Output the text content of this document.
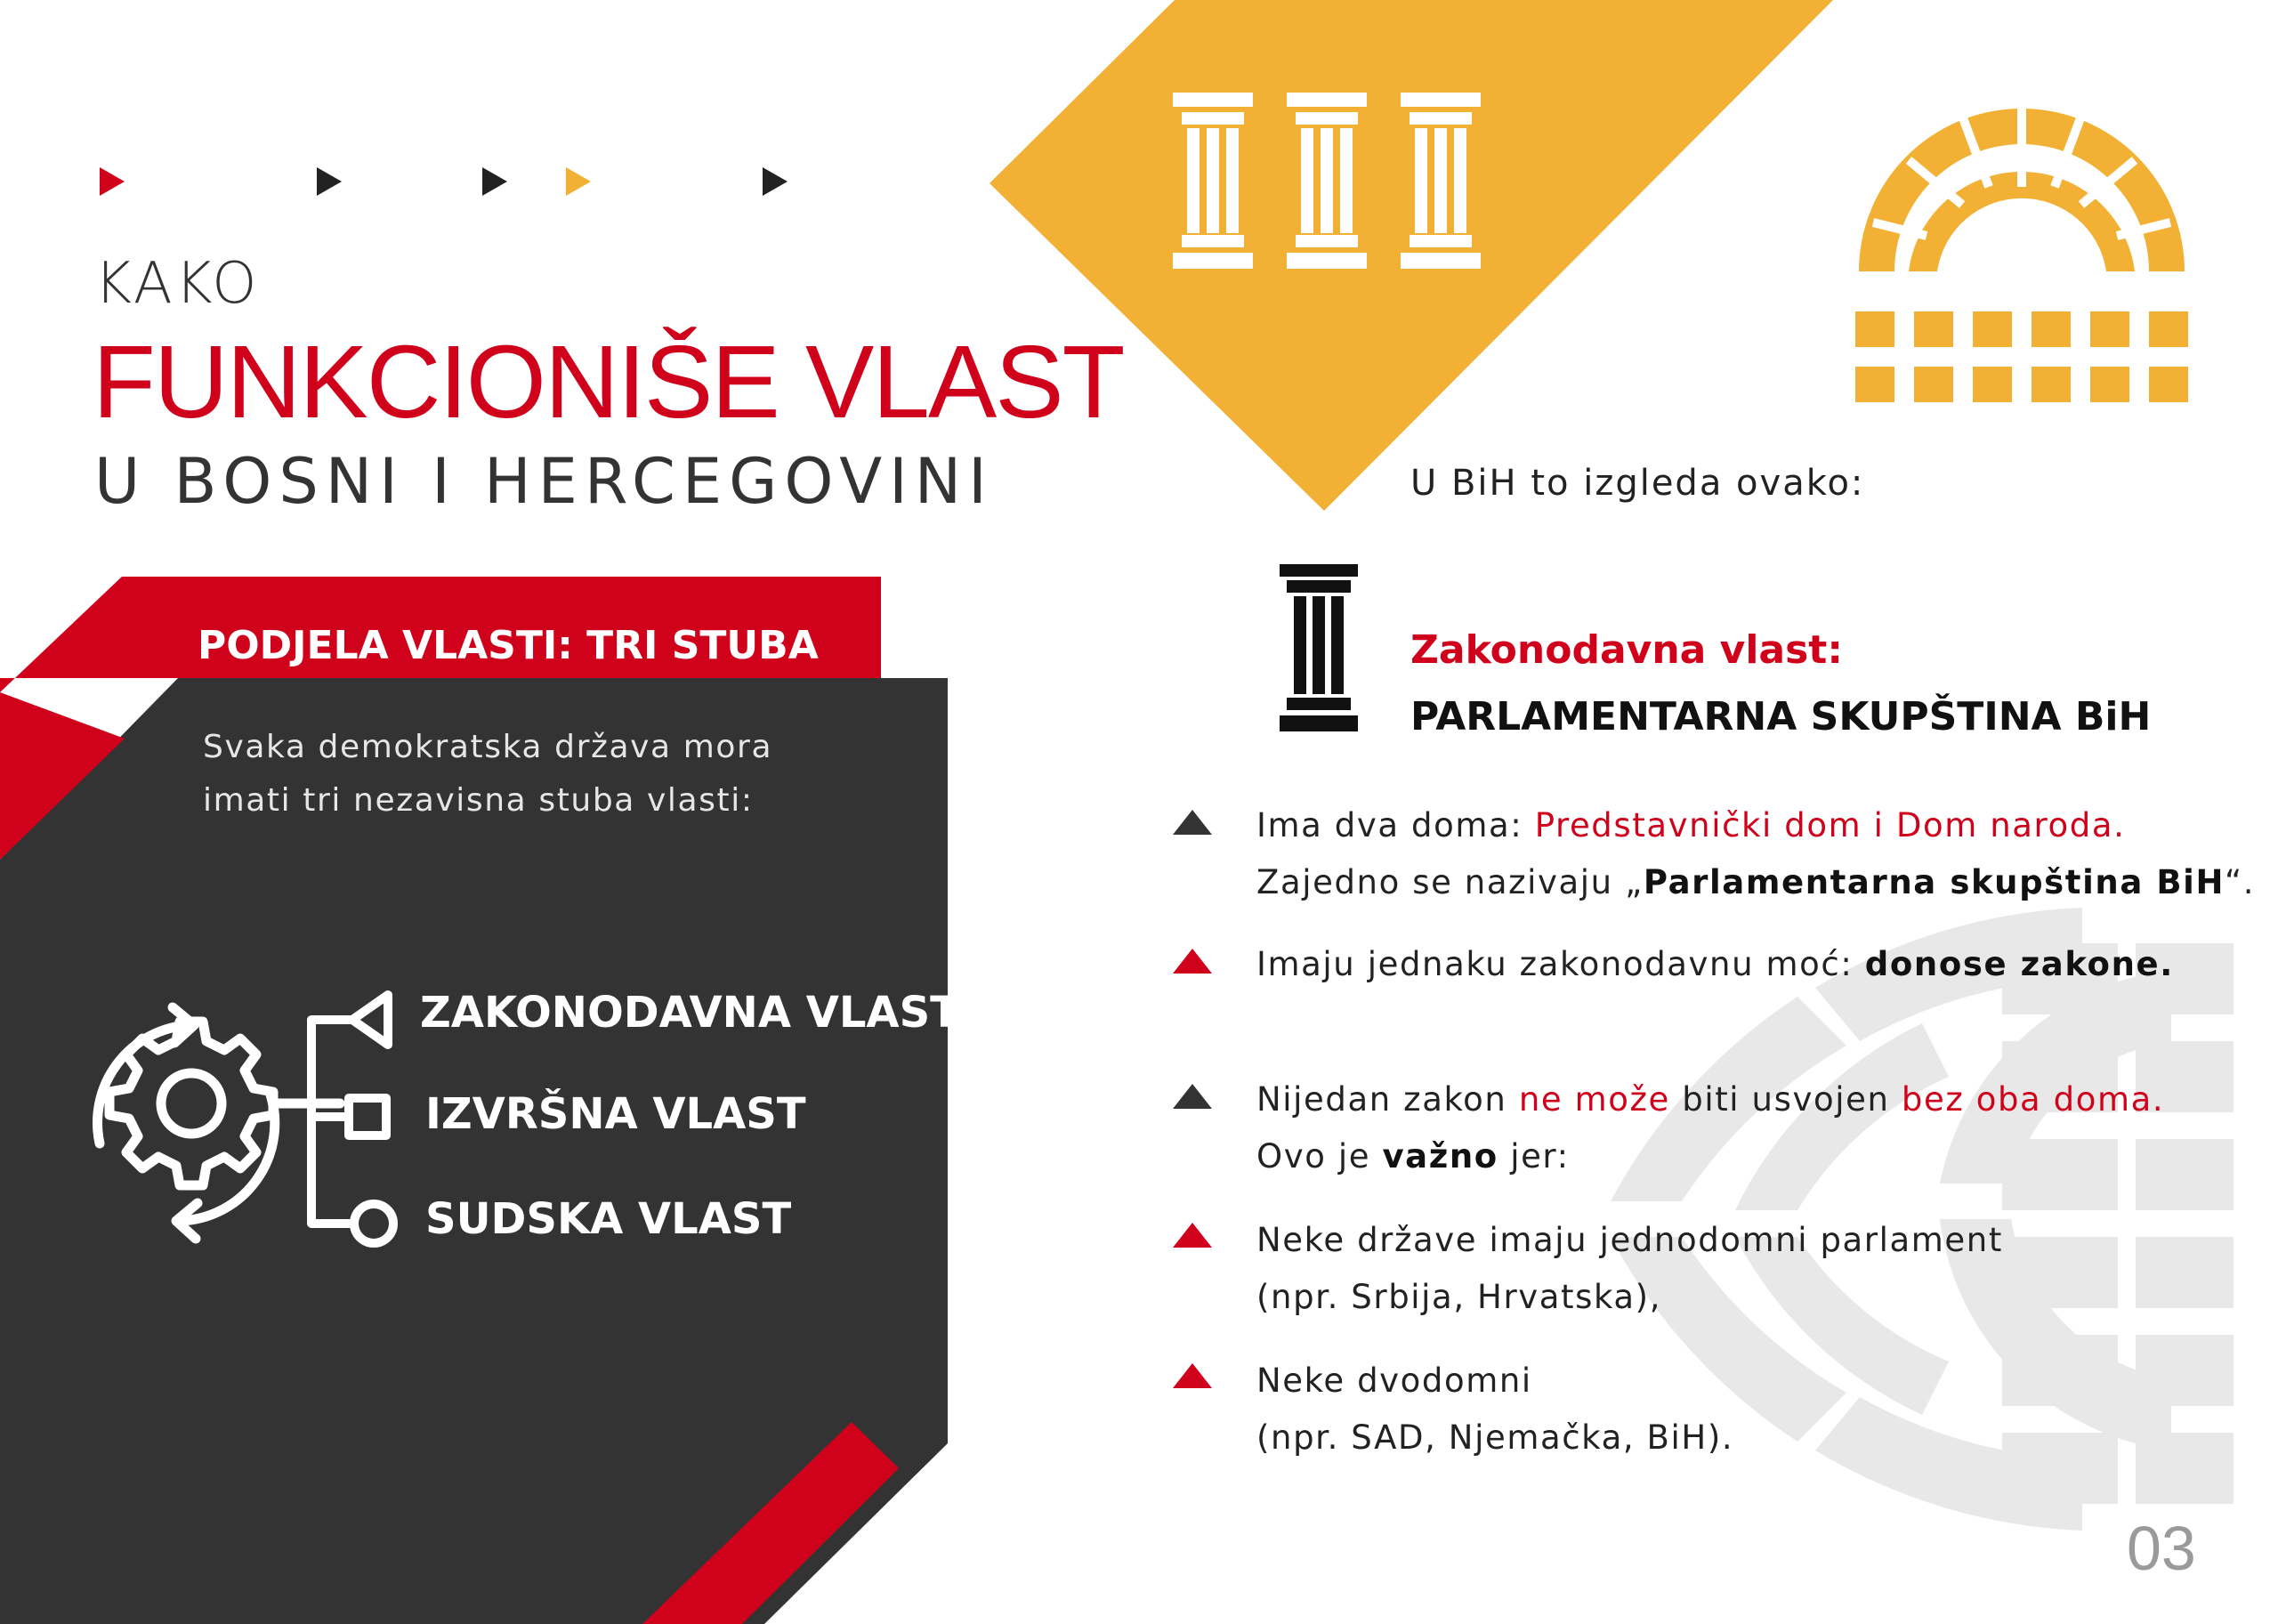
KAKO
FUNKCIONIŠE VLAST
U BOSNI I HERCEGOVINI
PODJELA VLASTI: TRI STUBA
Svaka demokratska država mora imati tri nezavisna stuba vlasti:
ZAKONODAVNA VLAST
IZVRŠNA VLAST
SUDSKA VLAST
U BiH to izgleda ovako:
Zakonodavna vlast:
PARLAMENTARNA SKUPŠTINA BiH
Ima dva doma: Predstavnički dom i Dom naroda.
Zajedno se nazivaju „Parlamentarna skupština BiH“.
Imaju jednaku zakonodavnu moć: donose zakone.
Nijedan zakon ne može biti usvojen bez oba doma.
Ovo je važno jer:
Neke države imaju jednodomni parlament
(npr. Srbija, Hrvatska),
Neke dvodomni
(npr. SAD, Njemačka, BiH).
03
